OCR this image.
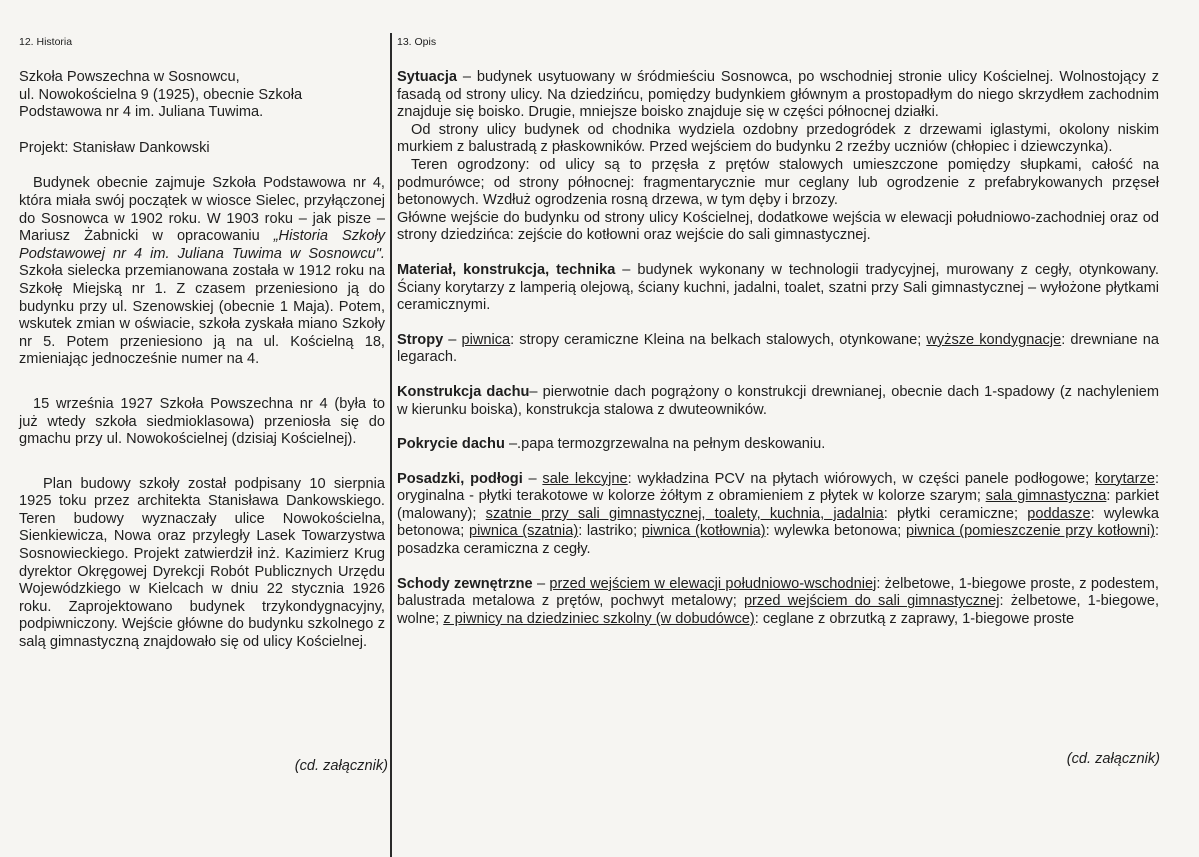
12. Historia

Szkoła Powszechna w Sosnowcu,
ul. Nowokościelna 9 (1925), obecnie Szkoła
Podstawowa nr 4 im. Juliana Tuwima.

Projekt: Stanisław Dankowski

Budynek obecnie zajmuje Szkoła Podstawowa nr 4, która miała swój początek w wiosce Sielec, przyłączonej do Sosnowca w 1902 roku. W 1903 roku – jak pisze – Mariusz Żabnicki w opracowaniu „Historia Szkoły Podstawowej nr 4 im. Juliana Tuwima w Sosnowcu". Szkoła sielecka przemianowana została w 1912 roku na Szkołę Miejską nr 1. Z czasem przeniesiono ją do budynku przy ul. Szenowskiej (obecnie 1 Maja). Potem, wskutek zmian w oświacie, szkoła zyskała miano Szkoły nr 5. Potem przeniesiono ją na ul. Kościelną 18, zmieniając jednocześnie numer na 4.

15 września 1927 Szkoła Powszechna nr 4 (była to już wtedy szkoła siedmioklasowa) przeniosła się do gmachu przy ul. Nowokościelnej (dzisiaj Kościelnej).

Plan budowy szkoły został podpisany 10 sierpnia 1925 toku przez architekta Stanisława Dankowskiego. Teren budowy wyznaczały ulice Nowokościelna, Sienkiewicza, Nowa oraz przyległy Lasek Towarzystwa Sosnowieckiego. Projekt zatwierdził inż. Kazimierz Krug dyrektor Okręgowej Dyrekcji Robót Publicznych Urzędu Wojewódzkiego w Kielcach w dniu 22 stycznia 1926 roku. Zaprojektowano budynek trzykondygnacyjny, podpiwniczony. Wejście główne do budynku szkolnego z salą gimnastyczną znajdowało się od ulicy Kościelnej.

(cd. załącznik)
13. Opis

Sytuacja – budynek usytuowany w śródmieściu Sosnowca, po wschodniej stronie ulicy Kościelnej. Wolnostojący z fasadą od strony ulicy. Na dziedzińcu, pomiędzy budynkiem głównym a prostopadłym do niego skrzydłem zachodnim znajduje się boisko. Drugie, mniejsze boisko znajduje się w części północnej działki.

Od strony ulicy budynek od chodnika wydziela ozdobny przedogródek z drzewami iglastymi, okolony niskim murkiem z balustradą z płaskowników. Przed wejściem do budynku 2 rzeźby uczniów (chłopiec i dziewczynka).

Teren ogrodzony: od ulicy są to przęsła z prętów stalowych umieszczone pomiędzy słupkami, całość na podmurówce; od strony północnej: fragmentarycznie mur ceglany lub ogrodzenie z prefabrykowanych przęseł betonowych. Wzdłuż ogrodzenia rosną drzewa, w tym dęby i brzozy.

Główne wejście do budynku od strony ulicy Kościelnej, dodatkowe wejścia w elewacji południowo-zachodniej oraz od strony dziedzińca: zejście do kotłowni oraz wejście do sali gimnastycznej.

Materiał, konstrukcja, technika – budynek wykonany w technologii tradycyjnej, murowany z cegły, otynkowany. Ściany korytarzy z lamperią olejową, ściany kuchni, jadalni, toalet, szatni przy Sali gimnastycznej – wyłożone płytkami ceramicznymi.

Stropy – piwnica: stropy ceramiczne Kleina na belkach stalowych, otynkowane; wyższe kondygnacje: drewniane na legarach.

Konstrukcja dachu– pierwotnie dach pogrążony o konstrukcji drewnianej, obecnie dach 1-spadowy (z nachyleniem w kierunku boiska), konstrukcja stalowa z dwuteowników.

Pokrycie dachu –.papa termozgrzewalna na pełnym deskowaniu.

Posadzki, podłogi – sale lekcyjne: wykładzina PCV na płytach wiórowych, w części panele podłogowe; korytarze: oryginalna - płytki terakotowe w kolorze żółtym z obramieniem z płytek w kolorze szarym; sala gimnastyczna: parkiet (malowany); szatnie przy sali gimnastycznej, toalety, kuchnia, jadalnia: płytki ceramiczne; poddasze: wylewka betonowa; piwnica (szatnia): lastriko; piwnica (kotłownia): wylewka betonowa; piwnica (pomieszczenie przy kotłowni): posadzka ceramiczna z cegły.

Schody zewnętrzne – przed wejściem w elewacji południowo-wschodniej: żelbetowe, 1-biegowe proste, z podestem, balustrada metalowa z prętów, pochwyt metalowy; przed wejściem do sali gimnastycznej: żelbetowe, 1-biegowe, wolne; z piwnicy na dziedziniec szkolny (w dobudówce): ceglane z obrzutką z zaprawy, 1-biegowe proste

(cd. załącznik)
